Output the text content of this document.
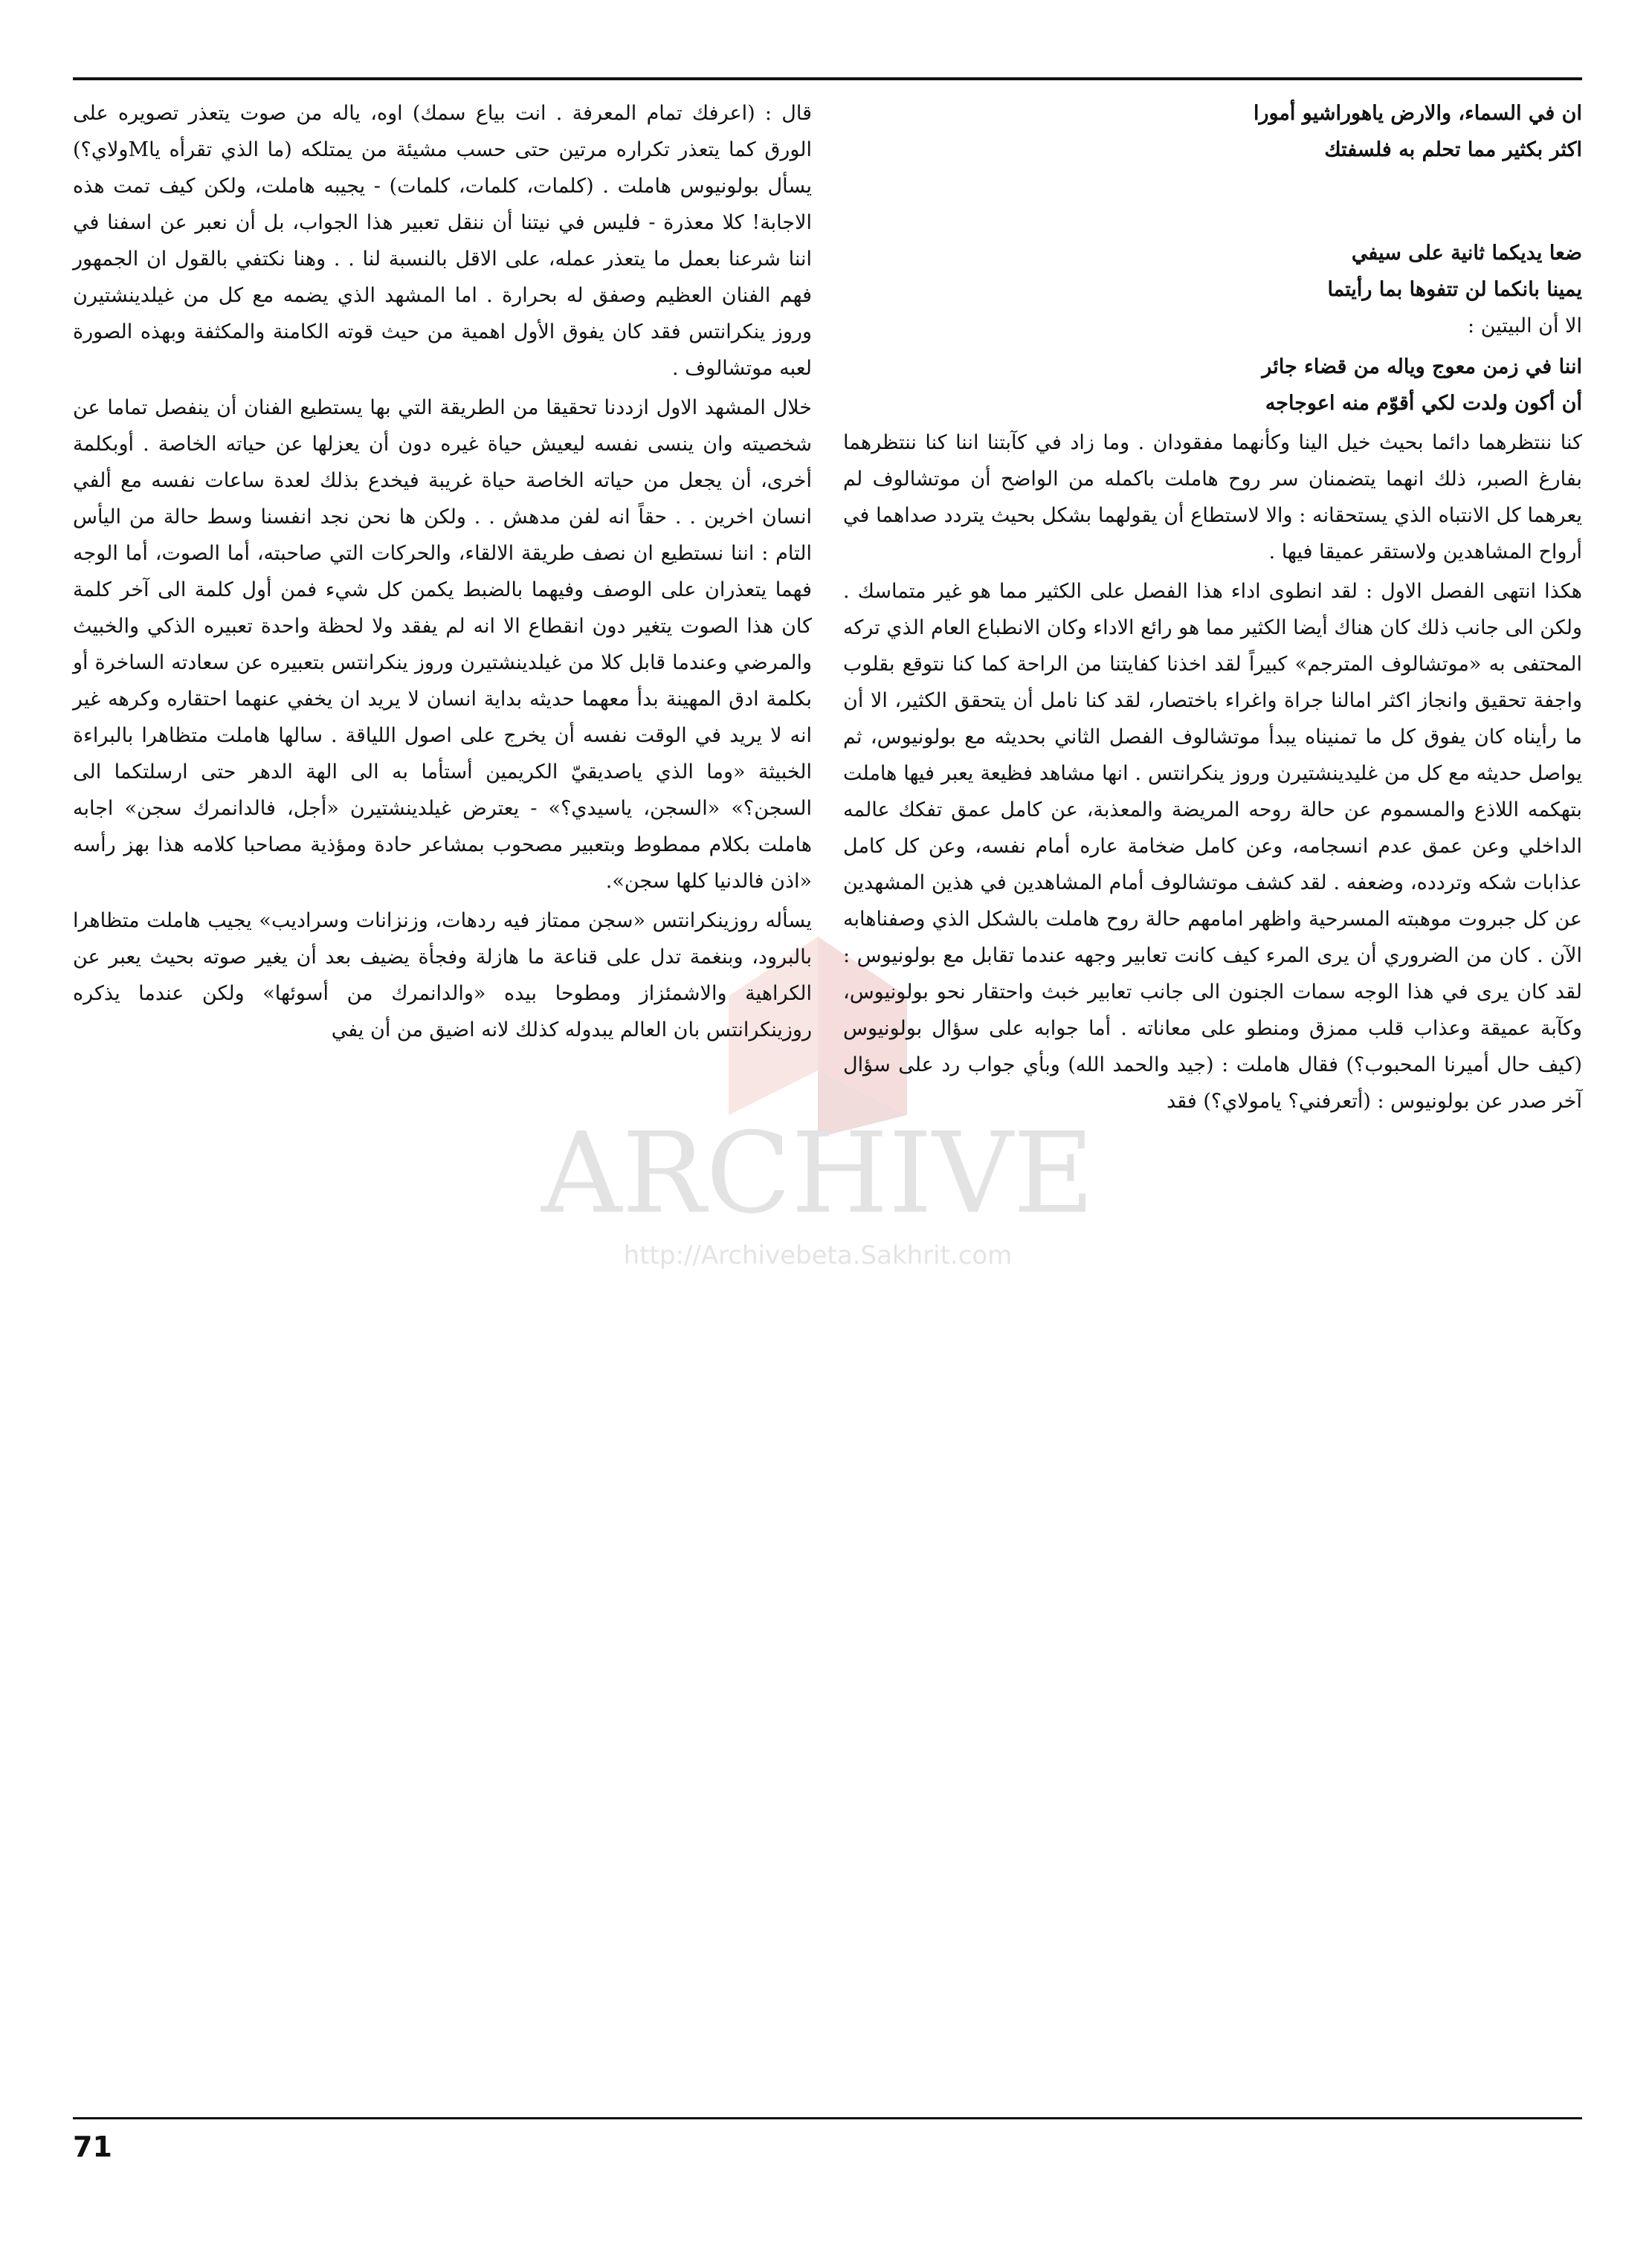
ARCHIVE
http://Archivebeta.Sakhrit.com

ان في السماء، والارض ياهوراشيو أمورا

اكثر بكثير مما تحلم به فلسفتك

ضعا يديكما ثانية على سيفي

يمينا بانكما لن تتفوها بما رأيتما

الا أن البيتين :

اننا في زمن معوج وياله من قضاء جائر

أن أكون ولدت لكي أقوّم منه اعوجاجه

كنا ننتظرهما دائما بحيث خيل الينا وكأنهما مفقودان . وما زاد في كآبتنا اننا كنا ننتظرهما بفارغ الصبر، ذلك انهما يتضمنان سر روح هاملت باكمله من الواضح أن موتشالوف لم يعرهما كل الانتباه الذي يستحقانه : والا لاستطاع أن يقولهما بشكل بحيث يتردد صداهما في أرواح المشاهدين ولاستقر عميقا فيها .

هكذا انتهى الفصل الاول : لقد انطوى اداء هذا الفصل على الكثير مما هو غير متماسك . ولكن الى جانب ذلك كان هناك أيضا الكثير مما هو رائع الاداء وكان الانطباع العام الذي تركه المحتفى به «موتشالوف المترجم» كبيراً لقد اخذنا كفايتنا من الراحة كما كنا نتوقع بقلوب واجفة تحقيق وانجاز اكثر امالنا جراة واغراء باختصار، لقد كنا نامل أن يتحقق الكثير، الا أن ما رأيناه كان يفوق كل ما تمنيناه يبدأ موتشالوف الفصل الثاني بحديثه مع بولونيوس، ثم يواصل حديثه مع كل من غليدينشتيرن وروز ينكرانتس . انها مشاهد فظيعة يعبر فيها هاملت بتهكمه اللاذع والمسموم عن حالة روحه المريضة والمعذبة، عن كامل عمق تفكك عالمه الداخلي وعن عمق عدم انسجامه، وعن كامل ضخامة عاره أمام نفسه، وعن كل كامل عذابات شكه وتردده، وضعفه . لقد كشف موتشالوف أمام المشاهدين في هذين المشهدين عن كل جبروت موهبته المسرحية واظهر امامهم حالة روح هاملت بالشكل الذي وصفناهابه الآن . كان من الضروري أن يرى المرء كيف كانت تعابير وجهه عندما تقابل مع بولونيوس : لقد كان يرى في هذا الوجه سمات الجنون الى جانب تعابير خبث واحتقار نحو بولونيوس، وكآبة عميقة وعذاب قلب ممزق ومنطو على معاناته . أما جوابه على سؤال بولونيوس (كيف حال أميرنا المحبوب؟) فقال هاملت : (جيد والحمد الله) وبأي جواب رد على سؤال آخر صدر عن بولونيوس : (أتعرفني؟ يامولاي؟) فقد

قال : (اعرفك تمام المعرفة . انت بياع سمك) اوه، ياله من صوت يتعذر تصويره على الورق كما يتعذر تكراره مرتين حتى حسب مشيئة من يمتلكه (ما الذي تقرأه ياMولاي؟) يسأل بولونيوس هاملت . (كلمات، كلمات، كلمات) - يجيبه هاملت، ولكن كيف تمت هذه الاجابة! كلا معذرة - فليس في نيتنا أن ننقل تعبير هذا الجواب، بل أن نعبر عن اسفنا في اننا شرعنا بعمل ما يتعذر عمله، على الاقل بالنسبة لنا . . وهنا نكتفي بالقول ان الجمهور فهم الفنان العظيم وصفق له بحرارة . اما المشهد الذي يضمه مع كل من غيلدينشتيرن وروز ينكرانتس فقد كان يفوق الأول اهمية من حيث قوته الكامنة والمكثفة وبهذه الصورة لعبه موتشالوف .

خلال المشهد الاول ازددنا تحقيقا من الطريقة التي بها يستطيع الفنان أن ينفصل تماما عن شخصيته وان ينسى نفسه ليعيش حياة غيره دون أن يعزلها عن حياته الخاصة . أوبكلمة أخرى، أن يجعل من حياته الخاصة حياة غريبة فيخدع بذلك لعدة ساعات نفسه مع ألفي انسان اخرين . . حقاً انه لفن مدهش . . ولكن ها نحن نجد انفسنا وسط حالة من اليأس التام : اننا نستطيع ان نصف طريقة الالقاء، والحركات التي صاحبته، أما الصوت، أما الوجه فهما يتعذران على الوصف وفيهما بالضبط يكمن كل شيء فمن أول كلمة الى آخر كلمة كان هذا الصوت يتغير دون انقطاع الا انه لم يفقد ولا لحظة واحدة تعبيره الذكي والخبيث والمرضي وعندما قابل كلا من غيلدينشتيرن وروز ينكرانتس بتعبيره عن سعادته الساخرة أو بكلمة ادق المهينة بدأ معهما حديثه بداية انسان لا يريد ان يخفي عنهما احتقاره وكرهه غير انه لا يريد في الوقت نفسه أن يخرج على اصول اللياقة . سالها هاملت متظاهرا بالبراءة الخبيثة «وما الذي ياصديقيّ الكريمين أستأما به الى الهة الدهر حتى ارسلتكما الى السجن؟» «السجن، ياسيدي؟» - يعترض غيلدينشتيرن «أجل، فالدانمرك سجن» اجابه هاملت بكلام ممطوط وبتعبير مصحوب بمشاعر حادة ومؤذية مصاحبا كلامه هذا بهز رأسه «اذن فالدنيا كلها سجن».

يسأله روزينكرانتس «سجن ممتاز فيه ردهات، وزنزانات وسراديب» يجيب هاملت متظاهرا بالبرود، وبنغمة تدل على قناعة ما هازلة وفجأة يضيف بعد أن يغير صوته بحيث يعبر عن الكراهية والاشمئزاز ومطوحا بيده «والدانمرك من أسوئها» ولكن عندما يذكره روزينكرانتس بان العالم يبدوله كذلك لانه اضيق من أن يفي

71
